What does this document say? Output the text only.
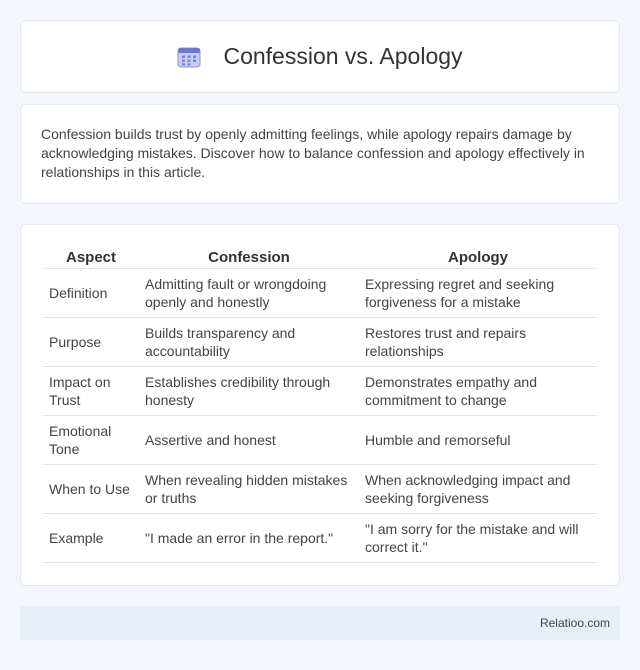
Confession vs. Apology

Confession builds trust by openly admitting feelings, while apology repairs damage by acknowledging mistakes. Discover how to balance confession and apology effectively in relationships in this article.

Aspect	Confession	Apology
Definition	Admitting fault or wrongdoing openly and honestly	Expressing regret and seeking forgiveness for a mistake
Purpose	Builds transparency and accountability	Restores trust and repairs relationships
Impact on Trust	Establishes credibility through honesty	Demonstrates empathy and commitment to change
Emotional Tone	Assertive and honest	Humble and remorseful
When to Use	When revealing hidden mistakes or truths	When acknowledging impact and seeking forgiveness
Example	"I made an error in the report."	"I am sorry for the mistake and will correct it."
Relatioo.com
